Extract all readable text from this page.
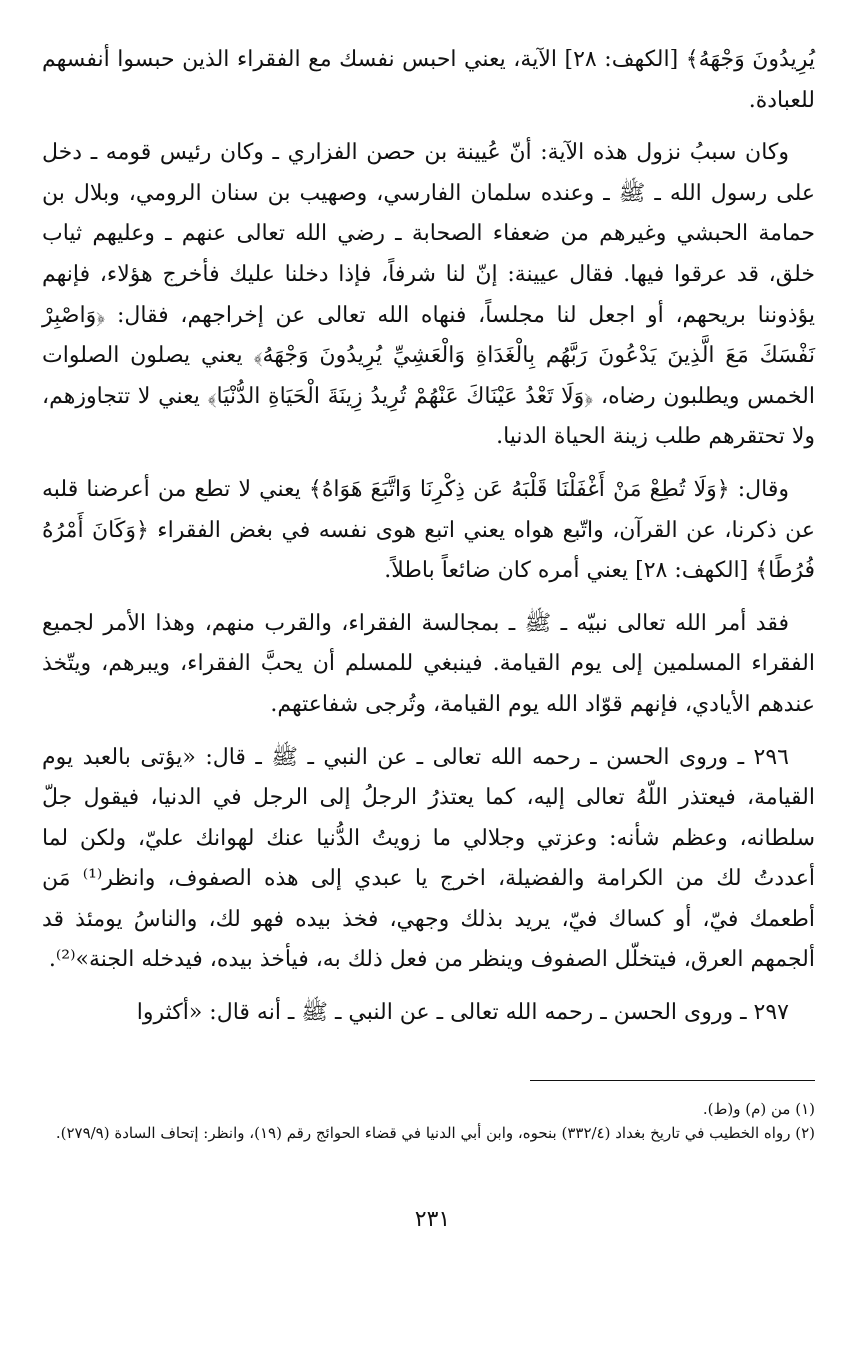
يُرِيدُونَ وَجْهَهُ﴾ [الكهف: ٢٨] الآية، يعني احبس نفسك مع الفقراء الذين حبسوا أنفسهم للعبادة.

وكان سببُ نزول هذه الآية: أنّ عُيينة بن حصن الفزاري ـ وكان رئيس قومه ـ دخل على رسول الله ـ ﷺ ـ وعنده سلمان الفارسي، وصهيب بن سنان الرومي، وبلال بن حمامة الحبشي وغيرهم من ضعفاء الصحابة ـ رضي الله تعالى عنهم ـ وعليهم ثياب خلق، قد عرقوا فيها. فقال عيينة: إنّ لنا شرفاً، فإذا دخلنا عليك فأخرج هؤلاء، فإنهم يؤذوننا بريحهم، أو اجعل لنا مجلساً، فنهاه الله تعالى عن إخراجهم، فقال: ﴿وَاصْبِرْ نَفْسَكَ مَعَ الَّذِينَ يَدْعُونَ رَبَّهُم بِالْغَدَاةِ وَالْعَشِيِّ يُرِيدُونَ وَجْهَهُ﴾ يعني يصلون الصلوات الخمس ويطلبون رضاه، ﴿وَلَا تَعْدُ عَيْنَاكَ عَنْهُمْ تُرِيدُ زِينَةَ الْحَيَاةِ الدُّنْيَا﴾ يعني لا تتجاوزهم، ولا تحتقرهم طلب زينة الحياة الدنيا.

وقال: ﴿وَلَا تُطِعْ مَنْ أَغْفَلْنَا قَلْبَهُ عَن ذِكْرِنَا وَاتَّبَعَ هَوَاهُ﴾ يعني لا تطع من أعرضنا قلبه عن ذكرنا، عن القرآن، واتّبع هواه يعني اتبع هوى نفسه في بغض الفقراء ﴿وَكَانَ أَمْرُهُ فُرُطًا﴾ [الكهف: ٢٨] يعني أمره كان ضائعاً باطلاً.

فقد أمر الله تعالى نبيّه ـ ﷺ ـ بمجالسة الفقراء، والقرب منهم، وهذا الأمر لجميع الفقراء المسلمين إلى يوم القيامة. فينبغي للمسلم أن يحبَّ الفقراء، ويبرهم، ويتّخذ عندهم الأيادي، فإنهم قوّاد الله يوم القيامة، وتُرجى شفاعتهم.

٢٩٦ ـ وروى الحسن ـ رحمه الله تعالى ـ عن النبي ـ ﷺ ـ قال: «يؤتى بالعبد يوم القيامة، فيعتذر اللّهُ تعالى إليه، كما يعتذرُ الرجلُ إلى الرجل في الدنيا، فيقول جلّ سلطانه، وعظم شأنه: وعزتي وجلالي ما زويتُ الدُّنيا عنك لهوانك عليّ، ولكن لما أعددتُ لك من الكرامة والفضيلة، اخرج يا عبدي إلى هذه الصفوف، وانظر⁽¹⁾ مَن أطعمك فيّ، أو كساك فيّ، يريد بذلك وجهي، فخذ بيده فهو لك، والناسُ يومئذ قد ألجمهم العرق، فيتخلّل الصفوف وينظر من فعل ذلك به، فيأخذ بيده، فيدخله الجنة»⁽²⁾.

٢٩٧ ـ وروى الحسن ـ رحمه الله تعالى ـ عن النبي ـ ﷺ ـ أنه قال: «أكثروا

(١) من (م) و(ط).

(٢) رواه الخطيب في تاريخ بغداد (٣٣٢/٤) بنحوه، وابن أبي الدنيا في قضاء الحوائج رقم (١٩)، وانظر: إتحاف السادة (٢٧٩/٩).

٢٣١
